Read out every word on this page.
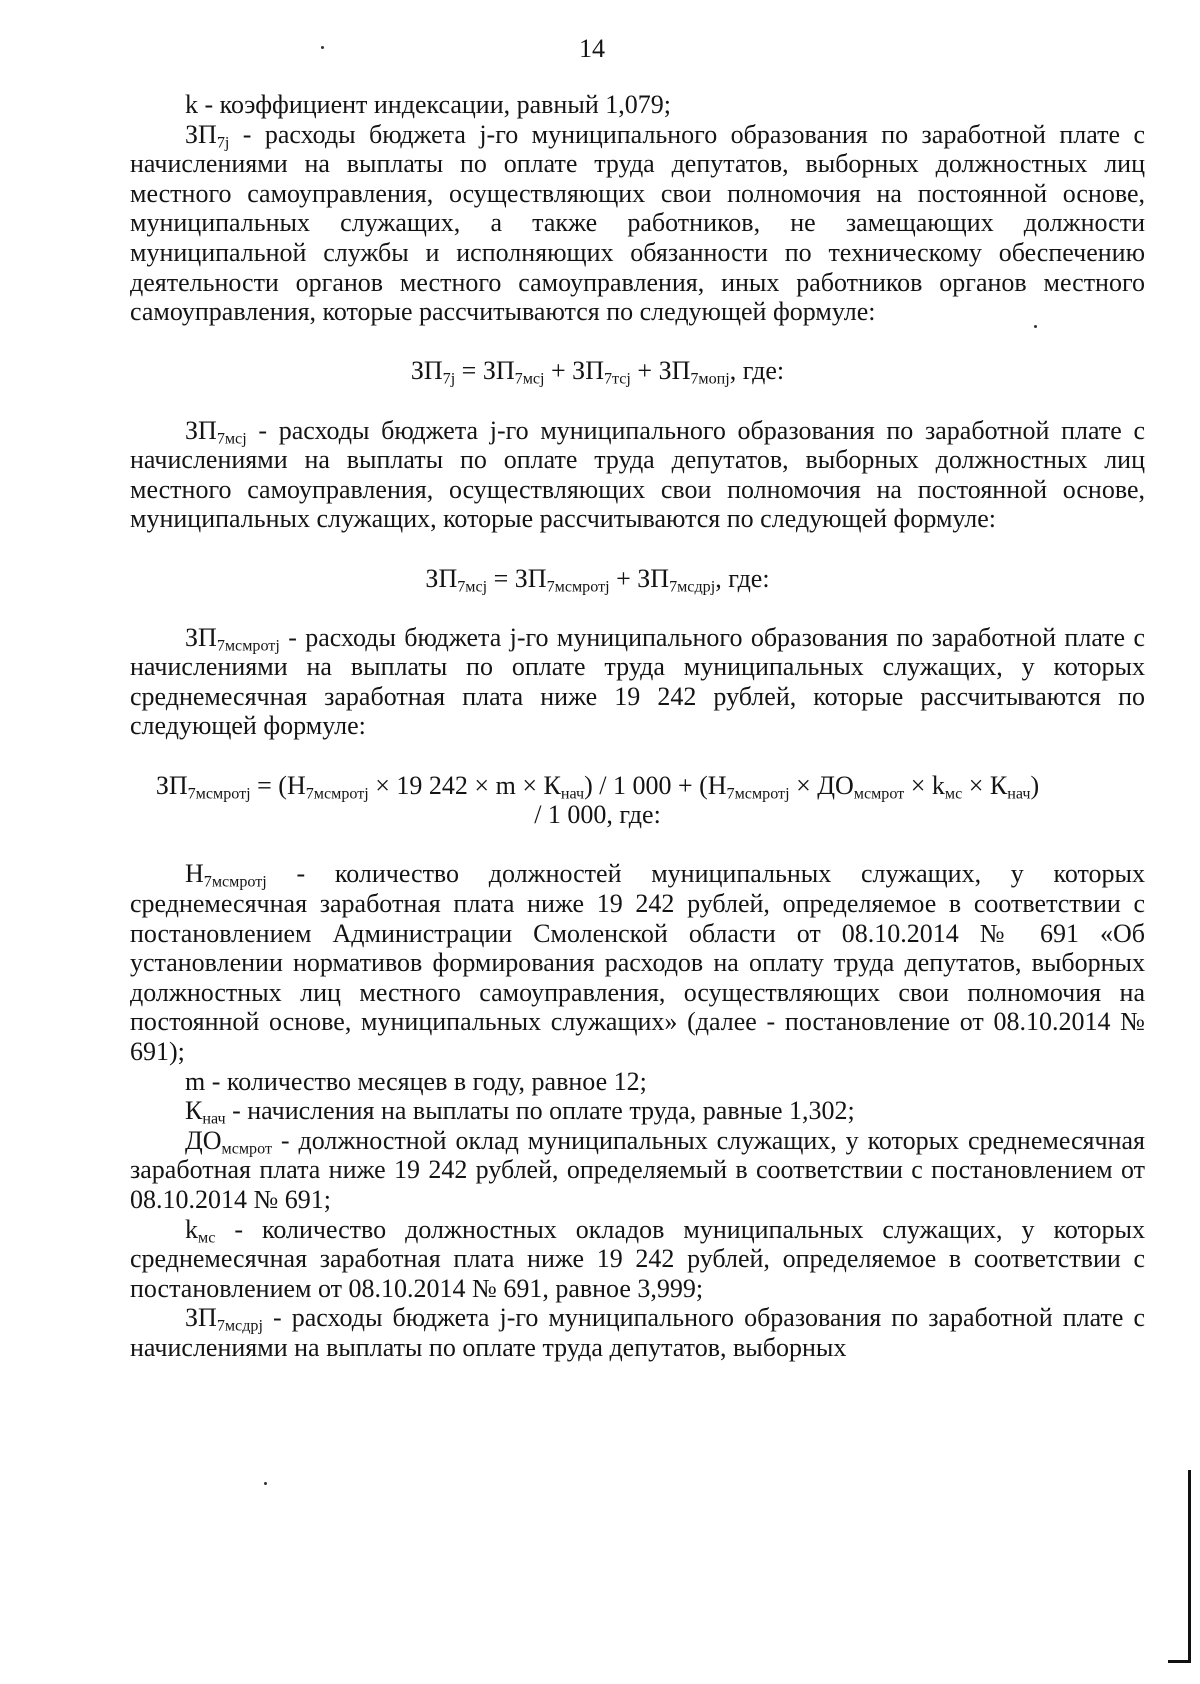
14

k - коэффициент индексации, равный 1,079;

$ЗП_{7j}$ - расходы бюджета j-го муниципального образования по заработной плате с начислениями на выплаты по оплате труда депутатов, выборных должностных лиц местного самоуправления, осуществляющих свои полномочия на постоянной основе, муниципальных служащих, а также работников, не замещающих должности муниципальной службы и исполняющих обязанности по техническому обеспечению деятельности органов местного самоуправления, иных работников органов местного самоуправления, которые рассчитываются по следующей формуле:

$ЗП_{7j} = ЗП_{7мсj} + ЗП_{7тсj} + ЗП_{7мопj}$, где:

$ЗП_{7мсj}$ - расходы бюджета j-го муниципального образования по заработной плате с начислениями на выплаты по оплате труда депутатов, выборных должностных лиц местного самоуправления, осуществляющих свои полномочия на постоянной основе, муниципальных служащих, которые рассчитываются по следующей формуле:

$ЗП_{7мсj} = ЗП_{7мсмротj} + ЗП_{7мсдрj}$, где:

$ЗП_{7мсмротj}$ - расходы бюджета j-го муниципального образования по заработной плате с начислениями на выплаты по оплате труда муниципальных служащих, у которых среднемесячная заработная плата ниже 19 242 рублей, которые рассчитываются по следующей формуле:

$ЗП_{7мсмротj} = (Н_{7мсмротj} \times 19$ $242 \times m \times К_{нач}) / 1$ $000 + (Н_{7мсмротj} \times ДО_{мсмрот} \times k_{мс} \times К_{нач})$
/ 1 000, где:

$Н_{7мсмротj}$ - количество должностей муниципальных служащих, у которых среднемесячная заработная плата ниже 19 242 рублей, определяемое в соответствии с постановлением Администрации Смоленской области от 08.10.2014 № 691 «Об установлении нормативов формирования расходов на оплату труда депутатов, выборных должностных лиц местного самоуправления, осуществляющих свои полномочия на постоянной основе, муниципальных служащих» (далее - постановление от 08.10.2014 № 691);

m - количество месяцев в году, равное 12;

$К_{нач}$ - начисления на выплаты по оплате труда, равные 1,302;

$ДО_{мсмрот}$ - должностной оклад муниципальных служащих, у которых среднемесячная заработная плата ниже 19 242 рублей, определяемый в соответствии с постановлением от 08.10.2014 № 691;

$k_{мс}$ - количество должностных окладов муниципальных служащих, у которых среднемесячная заработная плата ниже 19 242 рублей, определяемое в соответствии с постановлением от 08.10.2014 № 691, равное 3,999;

$ЗП_{7мсдрj}$ - расходы бюджета j-го муниципального образования по заработной плате с начислениями на выплаты по оплате труда депутатов, выборных
